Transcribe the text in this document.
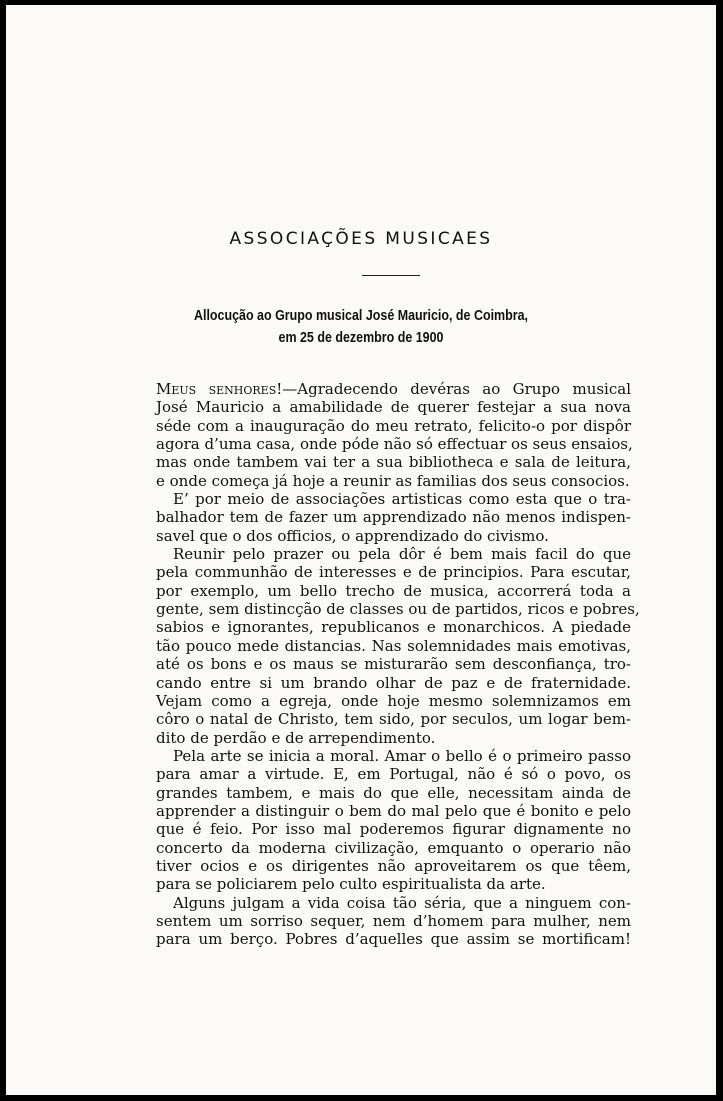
ASSOCIAÇÕES MUSICAES
Allocução ao Grupo musical José Mauricio, de Coimbra,
em 25 de dezembro de 1900
Meus senhores!—Agradecendo devéras ao Grupo musical
José Mauricio a amabilidade de querer festejar a sua nova
séde com a inauguração do meu retrato, felicito-o por dispôr
agora d’uma casa, onde póde não só effectuar os seus ensaios,
mas onde tambem vai ter a sua bibliotheca e sala de leitura,
e onde começa já hoje a reunir as familias dos seus consocios.
E’ por meio de associações artisticas como esta que o tra-
balhador tem de fazer um apprendizado não menos indispen-
savel que o dos officios, o apprendizado do civismo.
Reunir pelo prazer ou pela dôr é bem mais facil do que
pela communhão de interesses e de principios. Para escutar,
por exemplo, um bello trecho de musica, accorrerá toda a
gente, sem distincção de classes ou de partidos, ricos e pobres,
sabios e ignorantes, republicanos e monarchicos. A piedade
tão pouco mede distancias. Nas solemnidades mais emotivas,
até os bons e os maus se misturarão sem desconfiança, tro-
cando entre si um brando olhar de paz e de fraternidade.
Vejam como a egreja, onde hoje mesmo solemnizamos em
côro o natal de Christo, tem sido, por seculos, um logar bem-
dito de perdão e de arrependimento.
Pela arte se inicia a moral. Amar o bello é o primeiro passo
para amar a virtude. E, em Portugal, não é só o povo, os
grandes tambem, e mais do que elle, necessitam ainda de
apprender a distinguir o bem do mal pelo que é bonito e pelo
que é feio. Por isso mal poderemos figurar dignamente no
concerto da moderna civilização, emquanto o operario não
tiver ocios e os dirigentes não aproveitarem os que têem,
para se policiarem pelo culto espiritualista da arte.
Alguns julgam a vida coisa tão séria, que a ninguem con-
sentem um sorriso sequer, nem d’homem para mulher, nem
para um berço. Pobres d’aquelles que assim se mortificam!
